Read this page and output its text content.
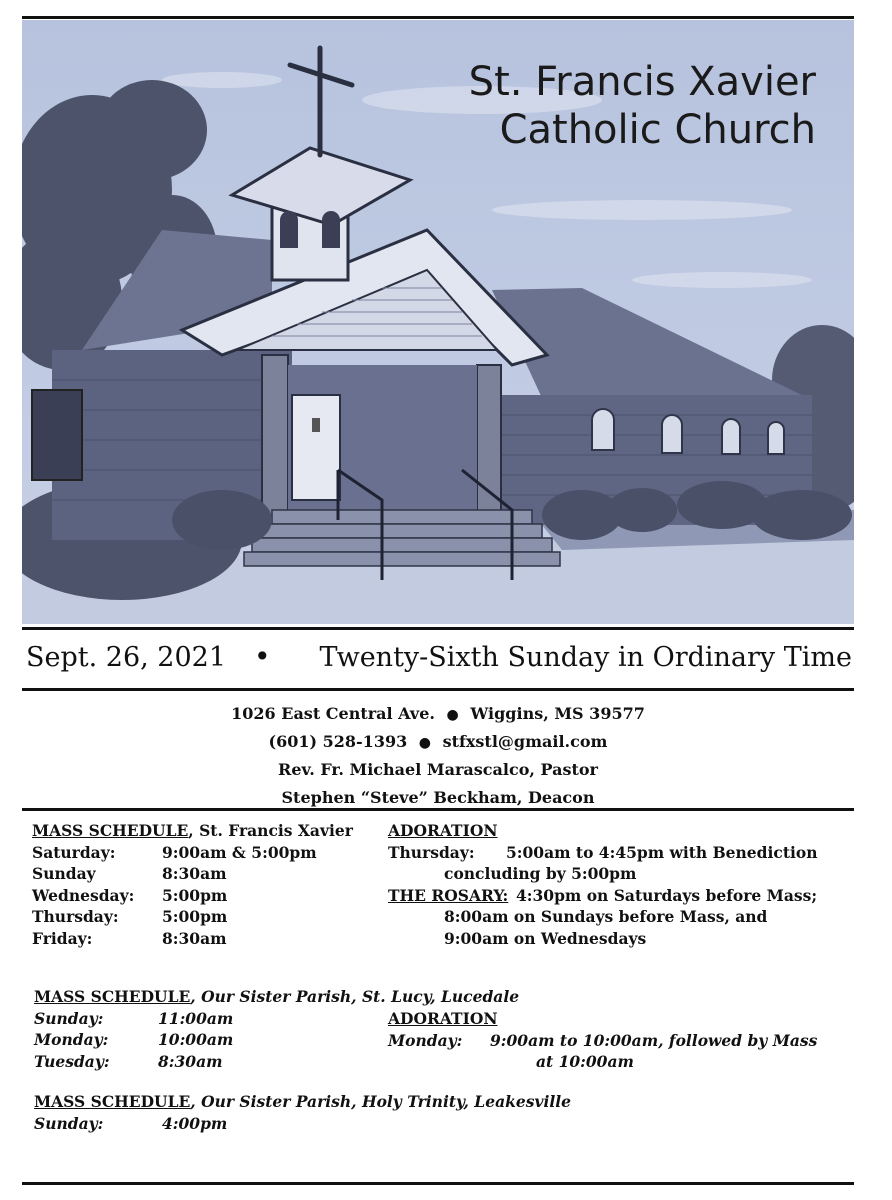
St. Francis Xavier
Catholic Church
Sept. 26, 2021 • Twenty-Sixth Sunday in Ordinary Time
1026 East Central Ave. ● Wiggins, MS 39577
(601) 528-1393 ● stfxstl@gmail.com
Rev. Fr. Michael Marascalco, Pastor
Stephen “Steve” Beckham, Deacon
MASS SCHEDULE, St. Francis Xavier
Saturday:	9:00am & 5:00pm
Sunday	8:30am
Wednesday: 5:00pm
Thursday:	5:00pm
Friday:	8:30am
ADORATION
Thursday: 5:00am to 4:45pm with Benediction
concluding by 5:00pm
THE ROSARY: 4:30pm on Saturdays before Mass;
8:00am on Sundays before Mass, and
9:00am on Wednesdays
MASS SCHEDULE, Our Sister Parish, St. Lucy, Lucedale
Sunday:	11:00am
Monday:	10:00am
Tuesday:	8:30am
ADORATION
Monday: 9:00am to 10:00am, followed by Mass
at 10:00am
MASS SCHEDULE, Our Sister Parish, Holy Trinity, Leakesville
Sunday:	4:00pm
